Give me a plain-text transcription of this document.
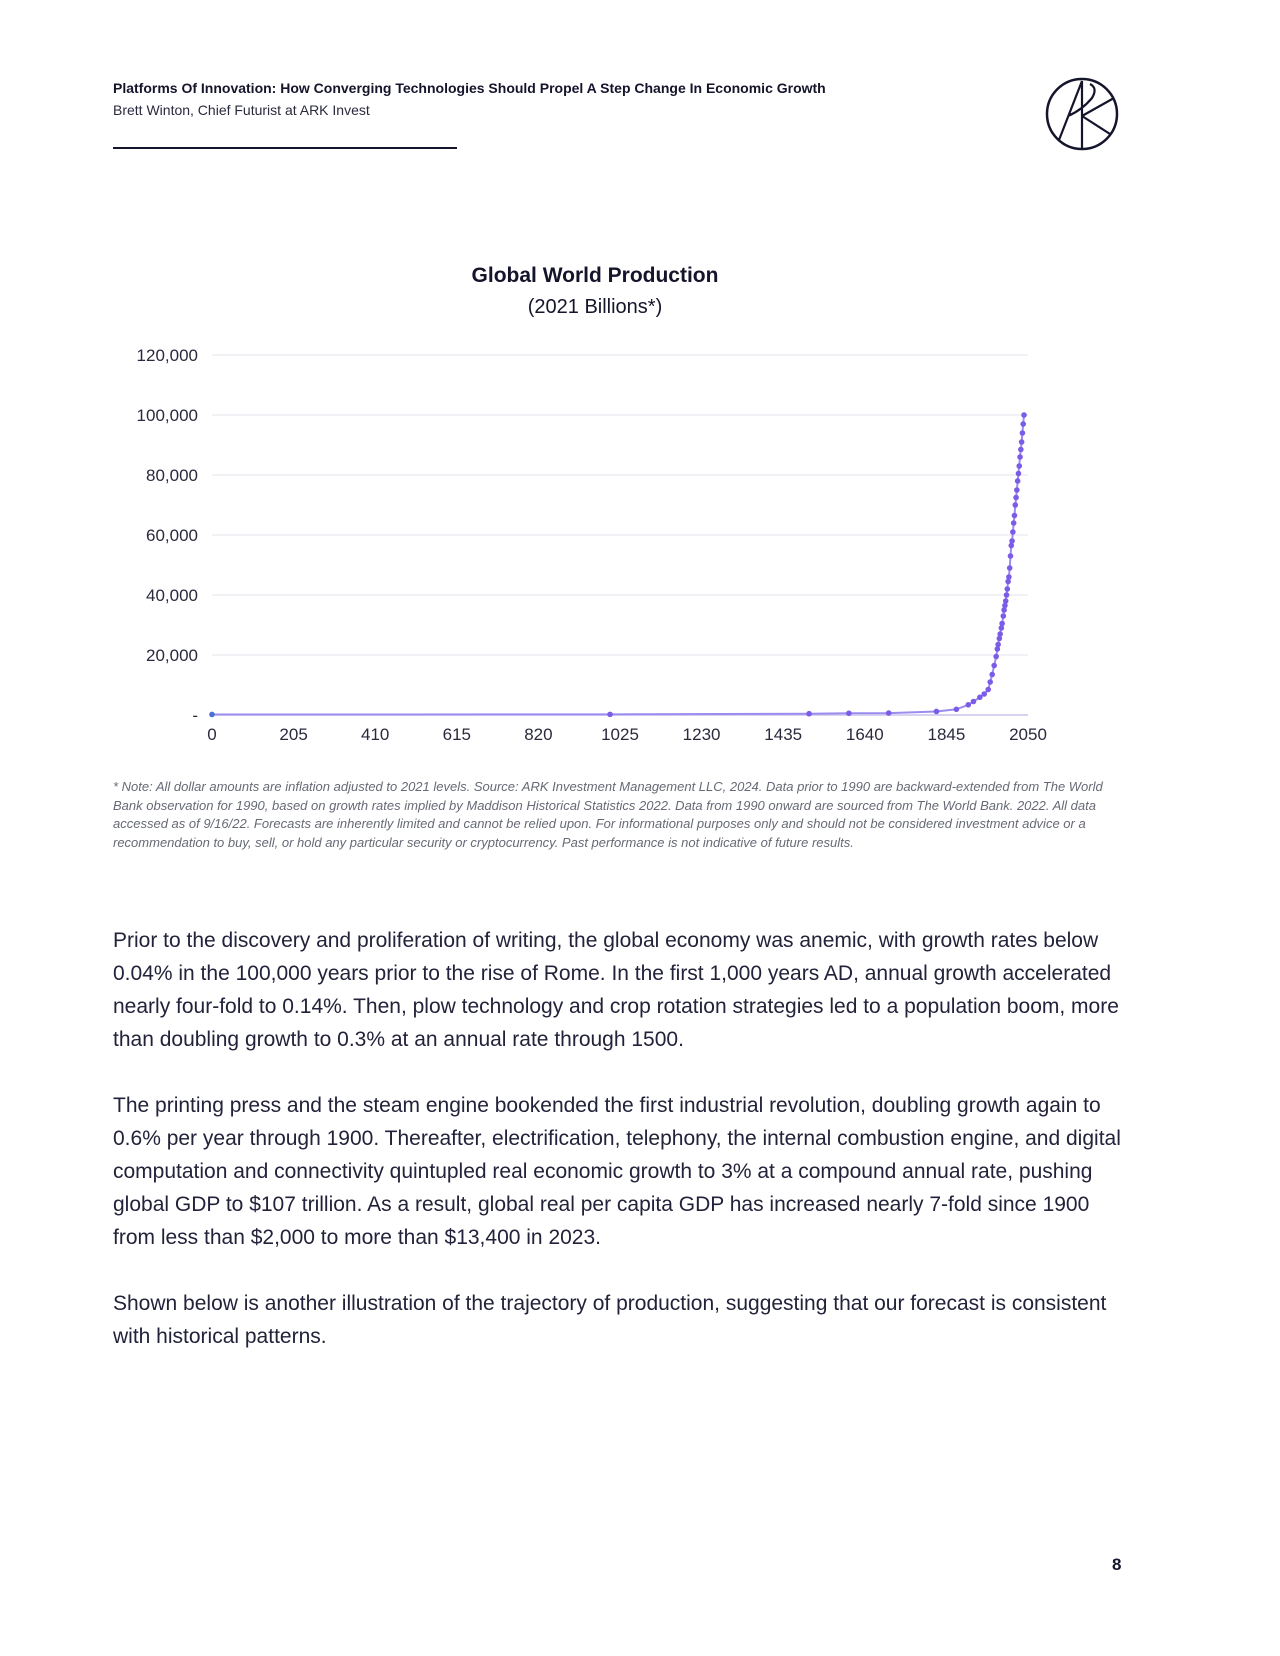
Platforms Of Innovation: How Converging Technologies Should Propel A Step Change In Economic Growth

Brett Winton, Chief Futurist at ARK Invest
Global World Production
(2021 Billions*)
-
20,000
40,000
60,000
80,000
100,000
120,000
0	205	410	615	820	1025	1230	1435	1640	1845	2050
* Note: All dollar amounts are inflation adjusted to 2021 levels. Source: ARK Investment Management LLC, 2024. Data prior to 1990 are backward-extended from The World Bank observation for 1990, based on growth rates implied by Maddison Historical Statistics 2022. Data from 1990 onward are sourced from The World Bank. 2022. All data accessed as of 9/16/22. Forecasts are inherently limited and cannot be relied upon. For informational purposes only and should not be considered investment advice or a recommendation to buy, sell, or hold any particular security or cryptocurrency. Past performance is not indicative of future results.

Prior to the discovery and proliferation of writing, the global economy was anemic, with growth rates below 0.04% in the 100,000 years prior to the rise of Rome. In the first 1,000 years AD, annual growth accelerated nearly four-fold to 0.14%. Then, plow technology and crop rotation strategies led to a population boom, more than doubling growth to 0.3% at an annual rate through 1500.

The printing press and the steam engine bookended the first industrial revolution, doubling growth again to 0.6% per year through 1900. Thereafter, electrification, telephony, the internal combustion engine, and digital computation and connectivity quintupled real economic growth to 3% at a compound annual rate, pushing global GDP to $107 trillion. As a result, global real per capita GDP has increased nearly 7-fold since 1900 from less than $2,000 to more than $13,400 in 2023.

Shown below is another illustration of the trajectory of production, suggesting that our forecast is consistent with historical patterns.

8
